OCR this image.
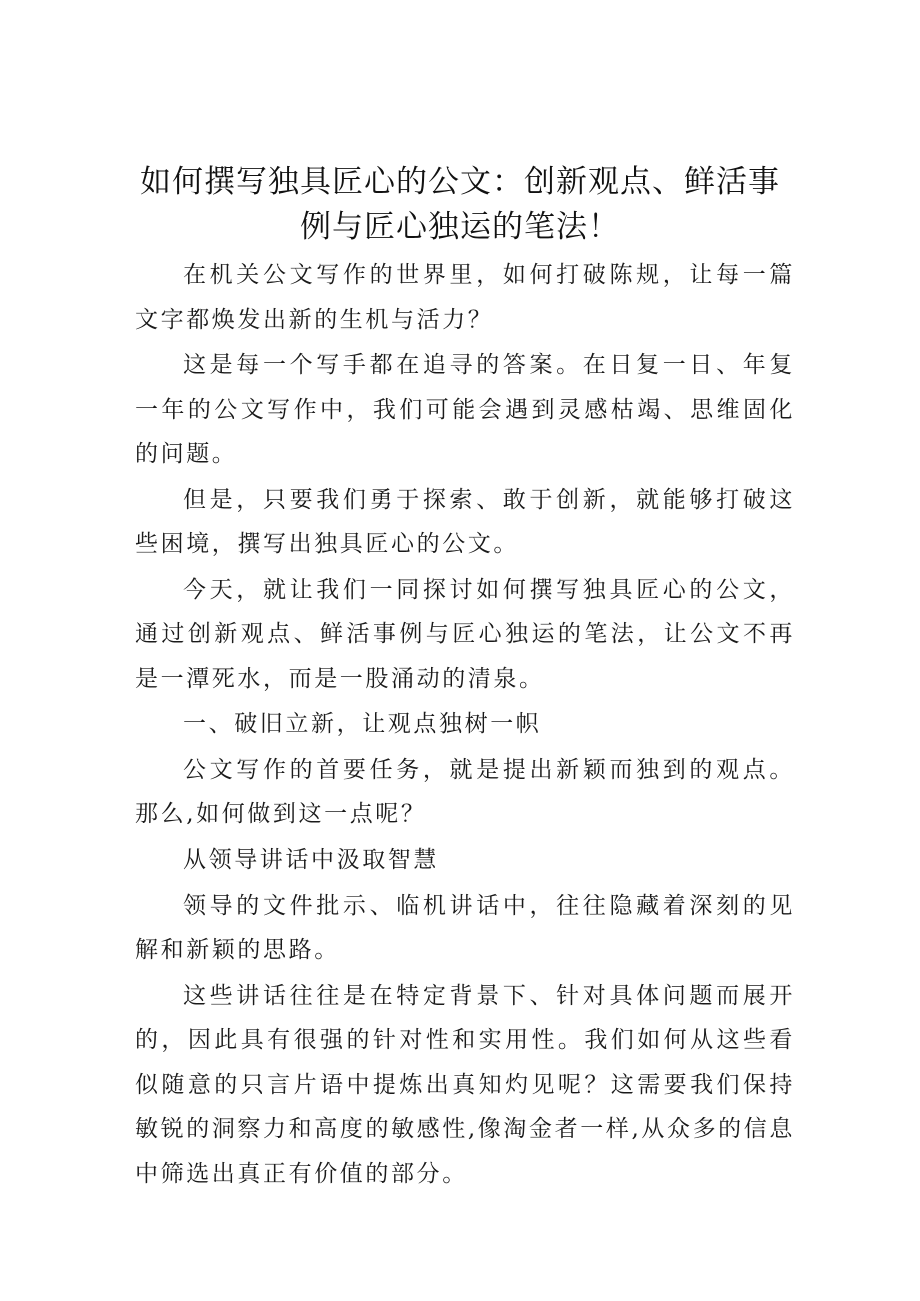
如何撰写独具匠心的公文：创新观点、鲜活事
例与匠心独运的笔法！

在机关公文写作的世界里，如何打破陈规，让每一篇文字都焕发出新的生机与活力？

这是每一个写手都在追寻的答案。在日复一日、年复一年的公文写作中，我们可能会遇到灵感枯竭、思维固化的问题。

但是，只要我们勇于探索、敢于创新，就能够打破这些困境，撰写出独具匠心的公文。

今天，就让我们一同探讨如何撰写独具匠心的公文，通过创新观点、鲜活事例与匠心独运的笔法，让公文不再是一潭死水，而是一股涌动的清泉。

一、破旧立新，让观点独树一帜

公文写作的首要任务，就是提出新颖而独到的观点。那么,如何做到这一点呢？

从领导讲话中汲取智慧

领导的文件批示、临机讲话中，往往隐藏着深刻的见解和新颖的思路。

这些讲话往往是在特定背景下、针对具体问题而展开的，因此具有很强的针对性和实用性。我们如何从这些看似随意的只言片语中提炼出真知灼见呢？这需要我们保持敏锐的洞察力和高度的敏感性,像淘金者一样,从众多的信息中筛选出真正有价值的部分。
